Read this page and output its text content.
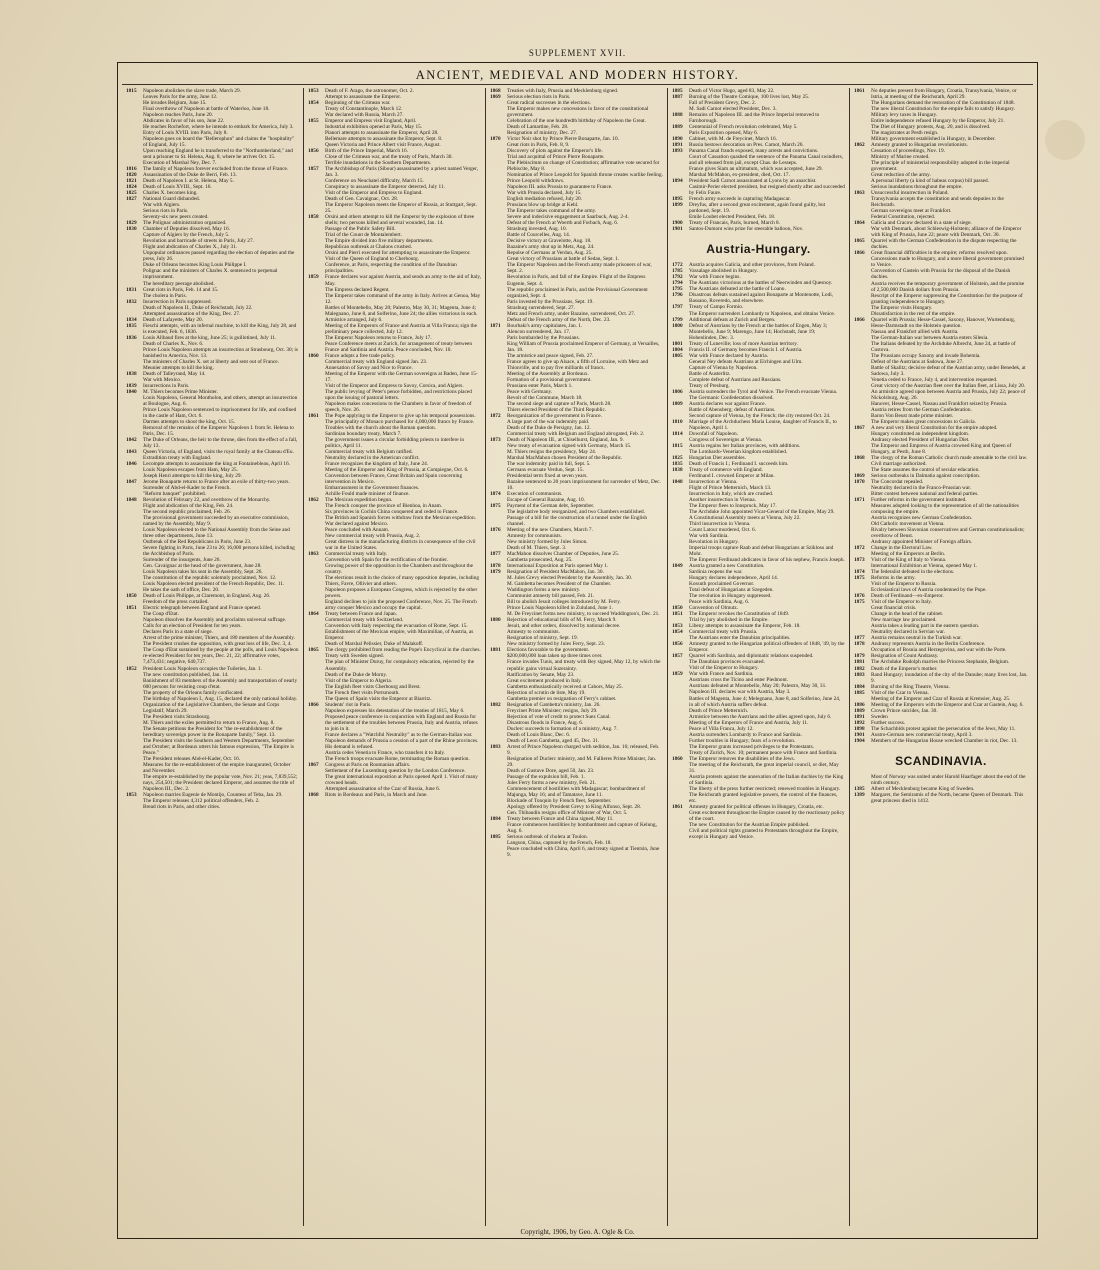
SUPPLEMENT XVII.
ANCIENT, MEDIEVAL AND MODERN HISTORY.
1815	Napoleon abolishes the slave trade, March 29.
Leaves Paris for the army, June 12.
He invades Belgium, June 15.
Final overthrow of Napoleon at battle of Waterloo, June 18.
Napoleon reaches Paris, June 20.
Abdicates in favor of his son, June 22.
He reaches Rochefort, where he intends to embark for America, July 3.
Entry of Louis XVIII. into Paris, July 8.
Napoleon goes on board the "Bellerophon" and claims the "hospitality" of England, July 15.
Upon reaching England he is transferred to the "Northumberland," and sent a prisoner to St. Helena, Aug. 8, where he arrives Oct. 15.
Execution of Marshal Ney, Dec. 7.
1816	The family of Napoleon forever excluded from the throne of France.
1820	Assassination of the Duke de Berri, Feb. 13.
1821	Death of Napoleon I. at St. Helena, May 5.
1824	Death of Louis XVIII., Sept. 16.
1825	Charles X. becomes king.
1827	National Guard disbanded.
War with Algiers.
Serious riots in Paris.
Seventy-six new peers created.
1829	The Polignac administration organized.
1830	Chamber of Deputies dissolved, May 16.
Capture of Algiers by the French, July 5.
Revolution and barricade of streets in Paris, July 27.
Flight and abdication of Charles X., July 31.
Unpopular ordinances passed regarding the election of deputies and the press, July 26.
Duke of Orleans becomes King Louis Philippe I.
Polignac and the ministers of Charles X. sentenced to perpetual imprisonment.
The hereditary peerage abolished.
1831	Great riots in Paris, Feb. 14 and 15.
The cholera in Paris.
1832	Insurrection in Paris suppressed.
Death of Napoleon II., Duke of Reichstadt, July 22.
Attempted assassination of the King, Dec. 27.
1834	Death of Lafayette, May 20.
1835	Fieschi attempts, with an infernal machine, to kill the King, July 28, and is executed, Feb. 6, 1836.
1836	Louis Alibaud fires at the king, June 25; is guillotined, July 11.
Death of Charles X., Nov. 6.
Prince Louis Napoleon attempts an insurrection at Strasbourg, Oct. 30; is banished to America, Nov. 13.
The ministers of Charles X. set at liberty and sent out of France.
Meunier attempts to kill the king.
1838	Death of Talleyrand, May 14.
War with Mexico.
1839	Insurrections in Paris.
1840	M. Thiers becomes Prime Minister.
Louis Napoleon, General Montholon, and others, attempt an insurrection at Boulogne, Aug. 6.
Prince Louis Napoleon sentenced to imprisonment for life, and confined in the castle of Ham, Oct. 6.
Darmes attempts to shoot the king, Oct. 15.
Removal of the remains of the Emperor Napoleon I. from St. Helena to Paris, Dec. 15.
1842	The Duke of Orleans, the heir to the throne, dies from the effect of a fall, July 13.
1843	Queen Victoria, of England, visits the royal family at the Chateau d'Eu.
Extradition treaty with England.
1846	Lecompte attempts to assassinate the king at Fontainebleau, April 16.
Louis Napoleon escapes from Ham, May 25.
Joseph Henri attempts to kill the king, July 29.
1847	Jerome Bonaparte returns to France after an exile of thirty-two years.
Surrender of Abd-el-Kader to the French.
"Reform banquet" prohibited.
1848	Revolution of February 22, and overthrow of the Monarchy.
Flight and abdication of the King, Feb. 24.
The second republic proclaimed, Feb. 26.
The provisional government succeeded by an executive commission, named by the Assembly, May 9.
Louis Napoleon elected to the National Assembly from the Seine and three other departments, June 13.
Outbreak of the Red Republicans in Paris, June 23.
Severe fighting in Paris, June 23 to 26; 16,000 persons killed, including the Archbishop of Paris.
Surrender of the insurgents, June 26.
Gen. Cavaignac at the head of the government, June 28.
Louis Napoleon takes his seat in the Assembly, Sept. 26.
The constitution of the republic solemnly proclaimed, Nov. 12.
Louis Napoleon elected president of the French Republic, Dec. 11.
He takes the oath of office, Dec. 20.
1850	Death of Louis Philippe, at Claremont, in England, Aug. 26.
Freedom of the press curtailed.
1851	Electric telegraph between England and France opened.
The Coup d'Etat.
Napoleon dissolves the Assembly and proclaims universal suffrage.
Calls for an election of President for ten years.
Declares Paris in a state of siege.
Arrest of the prime minister, Thiers, and 180 members of the Assembly.
The President crushes the opposition, with great loss of life, Dec. 3, 4.
The Coup d'Etat sustained by the people at the polls, and Louis Napoleon re-elected President for ten years, Dec. 21, 22; affirmative votes, 7,473,431; negative, 640,737.
1852	President Louis Napoleon occupies the Tuileries, Jan. 1.
The new constitution published, Jan. 14.
Banishment of 83 members of the Assembly and transportation of nearly 600 persons for resisting coup d'etat.
The property of the Orleans family confiscated.
The birthday of Napoleon I., Aug. 15, declared the only national holiday.
Organization of the Legislative Chambers, the Senate and Corps Legislatif, March 29.
The President visits Strasbourg.
M. Thiers and the exiles permitted to return to France, Aug. 8.
The Senate petitions the President for "the re-establishment of the hereditary sovereign power in the Bonaparte family," Sept. 13.
The President visits the Southern and Western Departments, September and October; at Bordeaux utters his famous expression, "The Empire is Peace."
The President releases Abd-el-Kader, Oct. 16.
Measures for the re-establishment of the empire inaugurated, October and November.
The empire re-established by the popular vote, Nov. 21; yeas, 7,839,552; nays, 254,501; the President declared Emperor, and assumes the title of Napoleon III., Dec. 2.
1853	Napoleon marries Eugenie de Montijo, Countess of Teba, Jan. 29.
The Emperor releases 4,312 political offenders, Feb. 2.
Bread riots in Paris, and other cities.
1853	Death of F. Arago, the astronomer, Oct. 2.
Attempt to assassinate the Emperor.
1854	Beginning of the Crimean war.
Treaty of Constantinople, March 12.
War declared with Russia, March 27.
1855	Emperor and Empress visit England, April.
Industrial exhibition opened at Paris, May 15.
Pianori attempts to assassinate the Emperor, April 28.
Bellemare attempts to assassinate the Emperor, Sept. 8.
Queen Victoria and Prince Albert visit France, August.
1856	Birth of the Prince Imperial, March 16.
Close of the Crimean war, and the treaty of Paris, March 30.
Terrible inundations in the Southern Departments.
1857	The Archbishop of Paris (Sibour) assassinated by a priest named Verger, Jan. 3.
Conference on Neuchatel difficulty, March 15.
Conspiracy to assassinate the Emperor detected, July 11.
Visit of the Emperor and Empress to England.
Death of Gen. Cavaignac, Oct. 28.
The Emperor Napoleon meets the Emperor of Russia, at Stuttgart, Sept. 25.
1858	Orsini and others attempt to kill the Emperor by the explosion of three shells; two persons killed and several wounded, Jan. 14.
Passage of the Public Safety Bill.
Trial of the Count de Montalembert.
The Empire divided into five military departments.
Republican outbreak at Chalons crushed.
Orsini and Pierri executed for attempting to assassinate the Emperor.
Visit of the Queen of England to Cherbourg.
Conference, at Paris, respecting the condition of the Danubian principalities.
1859	France declares war against Austria, and sends an army to the aid of Italy, May.
The Empress declared Regent.
The Emperor takes command of the army in Italy. Arrives at Genoa, May 12.
Battles of Montebello, May 20; Palestro, May 30, 31; Magenta, June 4; Malegnano, June 8, and Solferino, June 24; the allies victorious in each.
Armistice arranged, July 6.
Meeting of the Emperors of France and Austria at Villa Franca; sign the preliminary peace collected, July 12.
The Emperor Napoleon returns to France, July 17.
Peace Conference meets at Zurich, for arrangement of treaty between France and Sardinia and Austria. Peace concluded, Nov. 10.
1860	France adopts a free trade policy.
Commercial treaty with England signed Jan. 23.
Annexation of Savoy and Nice to France.
Meeting of the Emperor with the German sovereigns at Baden, June 15-17.
Visit of the Emperor and Empress to Savoy, Corsica, and Algiers.
The public levying of Peter's pence forbidden, and restrictions placed upon the issuing of pastoral letters.
Napoleon makes concessions to the Chambers in favor of freedom of speech, Nov. 26.
1861	The Pope applying to the Emperor to give up his temporal possessions.
The principality of Monaco purchased for 4,000,000 francs by France.
Troubles with the church about the Roman question.
Sardinian boundary treaty, March 7.
The government issues a circular forbidding priests to interfere in politics, April 11.
Commercial treaty with Belgium ratified.
Neutrality declared in the American conflict.
France recognizes the kingdom of Italy, June 24.
Meeting of the Emperor and King of Prussia, at Compiegne, Oct. 6.
Convention between France, Great Britain and Spain concerning intervention in Mexico.
Embarrassment in the Government finances.
Achille Fould made minister of finance.
1862	The Mexican expedition begun.
The French conquer the province of Bienhoa, in Anam.
Six provinces in Cochin China conquered and ceded to France.
The British and Spanish forces withdraw from the Mexican expedition.
War declared against Mexico.
Peace concluded with Annam.
New commercial treaty with Prussia, Aug. 2.
Great distress in the manufacturing districts in consequence of the civil war in the United States.
1863	Commercial treaty with Italy.
Convention with Spain for the rectification of the frontier.
Growing power of the opposition in the Chambers and throughout the country.
The elections result in the choice of many opposition deputies, including Thiers, Favre, Ollivier and others.
Napoleon proposes a European Congress, which is rejected by the other powers.
England declines to join the proposed Conference, Nov. 25. The French army conquer Mexico and occupy the capital.
1864	Treaty between France and Japan.
Commercial treaty with Switzerland.
Convention with Italy respecting the evacuation of Rome, Sept. 15.
Establishment of the Mexican empire, with Maximilian, of Austria, as Emperor.
Death of Marshal Pelissier, Duke of Malakoff.
1865	The clergy prohibited from reading the Pope's Encyclical in the churches.
Treaty with Sweden signed.
The plan of Minister Duruy, for compulsory education, rejected by the Assembly.
Death of the Duke de Morny.
Visit of the Emperor to Algeria.
The English fleet visits Cherbourg and Brest.
The French fleet visits Portsmouth.
The Queen of Spain visits the Emperor at Biarritz.
1866	Students' riot in Paris.
Napoleon expresses his detestation of the treaties of 1815, May 6.
Proposed peace conference in conjunction with England and Russia for the settlement of the troubles between Prussia, Italy and Austria, refuses to join in it.
France declares a "Watchful Neutrality" as to the German-Italian war.
Napoleon demands of Prussia a cession of a part of the Rhine provinces.
His demand is refused.
Austria cedes Venetia to France, who transfers it to Italy.
The French troops evacuate Rome, terminating the Roman question.
1867	Congress at Paris on Roumanian affairs.
Settlement of the Luxemburg question by the London Conference.
The great international exposition at Paris opened April 1. Visit of many crowned heads.
Attempted assassination of the Czar of Russia, June 6.
1868	Riots in Bordeaux and Paris, in March and June.
1868	Treaties with Italy, Prussia and Mecklenburg signed.
1869	Serious election riots in Paris.
Great radical successes in the elections.
The Emperor makes new concessions in favor of the constitutional government.
Celebration of the one hundredth birthday of Napoleon the Great.
Death of Lamartine, Feb. 28.
Resignation of ministry, Dec. 27.
1870	Victor Noir shot by Prince Pierre Bonaparte, Jan. 10.
Great riots in Paris, Feb. 8, 9.
Discovery of plots against the Emperor's life.
Trial and acquittal of Prince Pierre Bonaparte.
The Plebiscitum on change of Constitution; affirmative vote secured for Plebiscite, May 8.
Nomination of Prince Leopold for Spanish throne creates warlike feeling.
Prince Leopold withdraws.
Napoleon III. asks Prussia to guarantee to France.
War with Prussia declared, July 15.
English mediation refused, July 20.
Prussians blow up bridge at Kehl.
The Emperor takes command of the army.
Severe and indecisive engagement at Saarbuck, Aug. 2-4.
Defeat of the French at Woerth and Forbach, Aug. 6.
Strasburg invested, Aug. 10.
Battle of Courcelles, Aug. 14.
Decisive victory at Gravelotte, Aug. 18.
Bazaine's army shut up in Metz, Aug. 24.
Repulse of Germans at Verdun, Aug. 25.
Great victory of Prussians at battle of Sedan, Sept. 1.
The Emperor Napoleon and the French army made prisoners of war, Sept. 2.
Revolution in Paris, and fall of the Empire. Flight of the Empress Eugenie, Sept. 4.
The republic proclaimed in Paris, and the Provisional Government organized, Sept. 4.
Paris invested by the Prussians, Sept. 19.
Strasburg surrendered, Sept. 27.
Metz and French army, under Bazaine, surrendered, Oct. 27.
Defeat of the French army of the North, Dec. 23.
1871	Bourbaki's army capitulates, Jan. 1.
Alencon surrendered, Jan. 17.
Paris bombarded by the Prussians.
King William of Prussia proclaimed Emperor of Germany, at Versailles, Jan. 18.
The armistice and peace signed, Feb. 27.
France agrees to give up Alsace, a fifth of Lorraine, with Metz and Thionville, and to pay five milliards of francs.
Meeting of the Assembly at Bordeaux.
Formation of a provisional government.
Prussians enter Paris, March 1.
Peace with Germany.
Revolt of the Commune, March 18.
The second siege and capture of Paris, March 28.
Thiers elected President of the Third Republic.
1872	Reorganization of the government in France.
A large part of the war indemnity paid.
Death of the Duke de Persigny, Jan. 12.
Commercial treaty with Belgium and England abrogated, Feb. 2.
1873	Death of Napoleon III., at Chiselhurst, England, Jan. 9.
New treaty of evacuation signed with Germany, March 15.
M. Thiers resigns the presidency, May 24.
Marshal MacMahon chosen President of the Republic.
The war indemnity paid in full, Sept. 5.
Germans evacuate Verdun, Sept. 15.
Presidential term fixed at seven years.
Bazaine sentenced to 20 years imprisonment for surrender of Metz, Dec. 10.
1874	Execution of communists.
Escape of General Bazaine, Aug. 10.
1875	Payment of the German debt, September.
The legislative body reorganized, and two Chambers established.
Passage of a bill for the construction of a tunnel under the English channel.
1876	Meeting of the new Chambers, March 7.
Amnesty for communists.
New ministry formed by Jules Simon.
Death of M. Thiers, Sept. 3.
1877	MacMahon dissolves Chamber of Deputies, June 25.
Gambetta prosecuted, Aug. 25.
1878	International Exposition at Paris opened May 1.
1879	Resignation of President MacMahon, Jan. 30.
M. Jules Grevy elected President by the Assembly, Jan. 30.
M. Gambetta becomes President of the Chamber.
Waddington forms a new ministry.
Communist amnesty bill passed, Feb. 21.
Bill to abolish Jesuit colleges introduced by M. Ferry.
Prince Louis Napoleon killed in Zululand, June 1.
M. De Freycinet forms new ministry, to succeed Waddington's, Dec. 21.
1880	Rejection of educational bills of M. Ferry, March 9.
Jesuit, and other orders, dissolved by national decree.
Amnesty to communists.
Resignation of ministry, Sept. 19.
New ministry formed by Jules Ferry, Sept. 23.
1881	Elections favorable to the government.
$200,000,000 loan taken up three times over.
France invades Tunis, and treaty with Bey signed, May 12, by which the republic gains virtual Suzerainty.
Ratification by Senate, May 23.
Great excitement produced in Italy.
Gambetta enthusiastically received at Cahors, May 25.
Rejection of scrutin de liste, May 19.
Gambetta premier on resignation of Ferry's cabinet.
1882	Resignation of Gambetta's ministry, Jan. 26.
Freycinet Prime Minister; resigns, July 29.
Rejection of vote of credit to protect Suez Canal.
Disastrous floods in France, Aug. 6.
Duclerc succeeds to formation of a ministry, Aug. 7.
Death of Louis Blanc, Dec. 6.
Death of Leon Gambetta, aged 45, Dec. 31.
1883	Arrest of Prince Napoleon charged with sedition, Jan. 16; released, Feb. 9.
Resignation of Duclerc ministry, and M. Fallieres Prime Minister, Jan. 29.
Death of Gustave Dore, aged 50, Jan. 23.
Passage of the expulsion bill, Feb. 1.
Jules Ferry forms a new ministry, Feb. 21.
Commencement of hostilities with Madagascar; bombardment of Majunga, May 16; and of Tamatave, June 11.
Blockade of Tonquin by French fleet, September.
Apology offered by President Grevy to King Alfonso, Sept. 28.
Gen. Thibaudin resigns office of Minister of War, Oct. 5.
1884	Treaty between France and China signed, May 11.
France commences hostilities by bombardment and capture of Kelung, Aug. 6.
1885	Serious outbreak of cholera at Toulon.
Langson, China, captured by the French, Feb. 18.
Peace concluded with China, April 6, and treaty signed at Tientsin, June 9.
1885	Death of Victor Hugo, aged 83, May 22.
1887	Burning of the Theatre Comique, 100 lives lost, May 25.
Fall of President Grevy, Dec. 2.
M. Sadi Carnot elected President, Dec. 3.
1888	Remains of Napoleon III. and the Prince Imperial removed to Farnborough.
1889	Centennial of French revolution celebrated, May 5.
Paris Exposition opened, May 6.
1890	Cabinet, with M. de Freycinet, March 16.
1891	Russia bestows decoration on Pres. Carnot, March 26.
1893	Panama Canal frauds exposed, many arrests and convictions.
Court of Cassation quashed the sentence of the Panama Canal swindlers, and all released from jail, except Chas. de Lesseps.
France gives Siam an ultimatum, which was accepted, June 29.
Marshal McMahon, ex-president, died, Oct. 17.
1894	President Sadi Carnot assassinated at Lyons by an anarchist.
Casimir-Perier elected president, but resigned shortly after and succeeded by Felix Faure.
1895	French army succeeds in capturing Madagascar.
1899	Dreyfus, after a second great excitement, again found guilty, but pardoned, Sept. 19.
Emile Loubet elected President, Feb. 18.
1900	Treaty of Francais, Paris, burned, March 8.
1901	Santos-Dumont wins prize for steerable balloon, Nov.
Austria-Hungary.
1772	Austria acquires Galicia, and other provinces, from Poland.
1785	Vassalage abolished in Hungary.
1792	War with France begins.
1794	The Austrians victorious at the battles of Neerwinden and Quesnoy.
1795	The Austrians defeated at the battle of Loano.
1796	Disastrous defeats sustained against Bonaparte at Montenotte, Lodi, Bassano, Roveredo, and elsewhere.
1797	Treaty of Campo Formio.
The Emperor surrenders Lombardy to Napoleon, and obtains Venice.
1799	Additional defeats at Zurich and Bergen.
1800	Defeat of Austrians by the French at the battles of Engen, May 3; Montebello, June 9; Marengo, June 14; Hochstadt, June 19; Hohenlinden, Dec. 3.
1801	Treaty of Luneville; loss of more Austrian territory.
1804	Francis II. of Germany becomes Francis I. of Austria.
1805	War with France declared by Austria.
General Ney defeats Austrians at Elchingen and Ulm.
Capture of Vienna by Napoleon.
Battle of Austerlitz.
Complete defeat of Austrians and Russians.
Treaty of Presburg.
1806	Austria surrenders the Tyrol and Venice. The French evacuate Vienna.
The Germanic Confederation dissolved.
1809	Austria declares war against France.
Battle of Abensberg; defeat of Austrians.
Second capture of Vienna, by the French; the city restored Oct. 24.
1810	Marriage of the Archduchess Maria Louise, daughter of Francis II., to Napoleon, April 1.
1814	Downfall of Napoleon.
Congress of Sovereigns at Vienna.
1815	Austria regains her Italian provinces, with additions.
The Lombardo-Venetian kingdom established.
1825	Hungarian Diet assembles.
1835	Death of Francis I.; Ferdinand I. succeeds him.
1838	Treaty of commerce with England.
Ferdinand I. crowned Emperor at Milan.
1848	Insurrection at Vienna.
Flight of Prince Metternich, March 13.
Insurrection in Italy, which are crushed.
Another insurrection in Vienna.
The Emperor flees to Innspruck, May 17.
The Archduke John appointed Vicar-General of the Empire, May 29.
A Constitutional Assembly meets at Vienna, July 22.
Third insurrection in Vienna.
Count Latour murdered, Oct. 6.
War with Sardinia.
Revolution in Hungary.
Imperial troops capture Raab and defeat Hungarians at Szikloso and Mohr.
The Emperor Ferdinand abdicates in favor of his nephew, Francis Joseph.
1849	Austria granted a new Constitution.
Sardinia reopens the war.
Hungary declares independence, April 14.
Kossuth proclaimed Governor.
Total defeat of Hungarians at Szegeden.
The revolution in Hungary suppressed.
Peace with Sardinia, Aug. 6.
1850	Convention of Olmutz.
1851	The Emperor revokes the Constitution of 1849.
Trial by jury abolished in the Empire.
1853	Libeny attempts to assassinate the Emperor, Feb. 18.
1854	Commercial treaty with Prussia.
The Austrians enter the Danubian principalities.
1856	Amnesty granted to the Hungarian political offenders of 1848, '49, by the Emperor.
1857	Quarrel with Sardinia, and diplomatic relations suspended.
The Danubian provinces evacuated.
Visit of the Emperor to Hungary.
1859	War with France and Sardinia.
Austrians cross the Ticino and enter Piedmont.
Austrians defeated at Montebello, May 20; Palestro, May 30, 31.
Napoleon III. declares war with Austria, May 3.
Battles of Magenta, June 4; Melegnano, June 8, and Solferino, June 24, in all of which Austria suffers defeat.
Death of Prince Metternich.
Armistice between the Austrians and the allies agreed upon, July 6.
Meeting of the Emperors of France and Austria, July 11.
Peace of Villa Franca, July 12.
Austria surrenders Lombardy to France and Sardinia.
Further troubles in Hungary; fears of a revolution.
The Emperor grants increased privileges to the Protestants.
Treaty of Zurich, Nov. 10; permanent peace with France and Sardinia.
1860	The Emperor removes the disabilities of the Jews.
The meeting of the Reichsrath, the great imperial council, or diet, May 31.
Austria protests against the annexation of the Italian duchies by the King of Sardinia.
The liberty of the press further restricted; renewed troubles in Hungary.
The Reichsrath granted legislative powers, the control of the finances, etc.
1861	Amnesty granted for political offenses in Hungary, Croatia, etc.
Great excitement throughout the Empire caused by the reactionary policy of the court.
The new Constitution for the Austrian Empire published.
Civil and political rights granted to Protestants throughout the Empire, except in Hungary and Venice.
1861	No deputies present from Hungary, Croatia, Transylvania, Venice, or Istria, at meeting of the Reichsrath, April 29.
The Hungarians demand the restoration of the Constitution of 1848.
The new liberal Constitution for the empire fails to satisfy Hungary.
Military levy taxes in Hungary.
Entire independence refused Hungary by the Emperor, July 21.
The Diet of Hungary protests, Aug. 20, and is dissolved.
The magistrates at Pesth resign.
Military government established in Hungary, in December.
1862	Amnesty granted to Hungarian revolutionists.
Cessation of proceedings, Nov. 19.
Ministry of Marine created.
The principle of ministerial responsibility adopted in the imperial government.
Great reduction of the army.
A personal liberty (a kind of habeas corpus) bill passed.
Serious inundations throughout the empire.
1863	Unsuccessful insurrection in Poland.
Transylvania accepts the constitution and sends deputies to the Reichsrath.
German sovereigns meet at Frankfort.
Federal Constitution, rejected.
1864	Galicia and Cracow declared in a state of siege.
War with Denmark, about Schleswig-Holstein; alliance of the Emperor with King of Prussia, June 22; peace with Denmark, Oct. 30.
1865	Quarrel with the German Confederation in the dispute respecting the duchies.
1866	Great financial difficulties in the empire; reforms resolved upon.
Concessions made to Hungary, and a more liberal government promised to Venice.
Convention of Gastein with Prussia for the disposal of the Danish duchies.
Austria receives the temporary government of Holstein, and the promise of 2,500,000 Danish dollars from Prussia.
Rescript of the Emperor suppressing the Constitution for the purpose of granting independence to Hungary.
The Emperor visits Hungary.
Dissatisfaction in the rest of the empire.
1866	Quarrel with Prussia; Hesse-Cassel, Saxony, Hanover, Wurtemburg, Hesse-Darmstadt on the Holstein question.
Nassau and Frankfort allied with Austria.
The German-Italian war between Austria enters Silesia.
The Italians defeated by the Archduke Albrecht, June 24, at battle of Custova.
The Prussians occupy Saxony and invade Bohemia.
Defeat of the Austrians at Sadowa, June 27.
Battle of Skalitz; decisive defeat of the Austrian army, under Benedek, at Sadowa, July 3.
Venetia ceded to France, July 4, and intervention requested.
Great victory of the Austrian fleet over the Italian fleet, at Lissa, July 20.
An armistice agreed upon between Austria and Prussia, July 22; peace of Nickolsburg, Aug. 26.
Hanover, Hesse-Cassel, Nassau and Frankfort seized by Prussia.
Austria retires from the German Confederation.
Baron Von Beust made prime minister.
The Emperor makes great concessions to Galicia.
1867	A new and very liberal Constitution for the empire adopted.
Hungary constituted an independent kingdom.
Andrassy elected President of Hungarian Diet.
The Emperor and Empress of Austria crowned King and Queen of Hungary, at Pesth, June 8.
1868	The clergy of the Roman Catholic church made amenable to the civil law.
Civil marriage authorized.
The State assumes the control of secular education.
1869	Serious outbreaks in Dalmatia against conscription.
1870	The Concordat repealed.
Neutrality declared in the Franco-Prussian war.
Bitter contest between national and federal parties.
1871	Further reforms in the government instituted.
Measures adopted looking to the representation of all the nationalities composing the empire.
Austria recognizes new German Confederation.
Old Catholic movement at Vienna.
Rivalry between Slavonian conservatives and German constitutionalists; overthrow of Beust.
Andrassy appointed Minister of Foreign affairs.
1872	Change in the Electoral Law.
Meeting of the Emperors at Berlin.
1873	Visit of the King of Italy to Vienna.
International Exhibition at Vienna, opened May 1.
1874	The federalist defeated in the elections.
1875	Reforms in the army.
Visit of the Emperor to Russia.
Ecclesiastical laws of Austria condemned by the Pope.
1876	Death of Ferdinand—ex-Emperor.
1875	Visit of the Emperor to Italy.
Great financial crisis.
Change in the head of the cabinet.
New marriage law proclaimed.
Austria takes a leading part in the eastern question.
Neutrality declared in Servian war.
1877	Austria remains neutral in the Turkish war.
1878	Andrassy represents Austria in the Berlin Conference.
Occupation of Bosnia and Herzegovina, and war with the Porte.
1879	Resignation of Count Andrassy.
1881	The Archduke Rudolph marries the Princess Stephanie, Belgium.
1882	Death of the Emperor's mother.
1883	Rand Hungary; inundation of the city of the Danube; many lives lost, Jan. 9.
1884	Burning of the Ring Theatre, Vienna.
1885	Visit of the Czar to Vienna.
Meeting of the Emperor and Czar of Russia at Kremsier, Aug. 25.
1886	Meeting of the Emperors with the Emperor and Czar at Gastein, Aug. 6.
1889	Crown Prince suicides, Jan. 30.
1891	Sweden
1892	Further success.
1898	The Schachblds protest against the persecution of the Jews, May 11.
1901	Austro-German new commercial treaty, April 3.
1904	Members of the Hungarian House wrecked Chamber in riot, Dec. 13.
SCANDINAVIA.
Most of Norway was united under Harold Haarfager about the end of the ninth century.
1385	Albert of Mecklenburg became King of Sweden.
1389	Margaret, the Semiramis of the North, became Queen of Denmark. This great princess died in 1412.
Copyright, 1906, by Geo. A. Ogle & Co.
